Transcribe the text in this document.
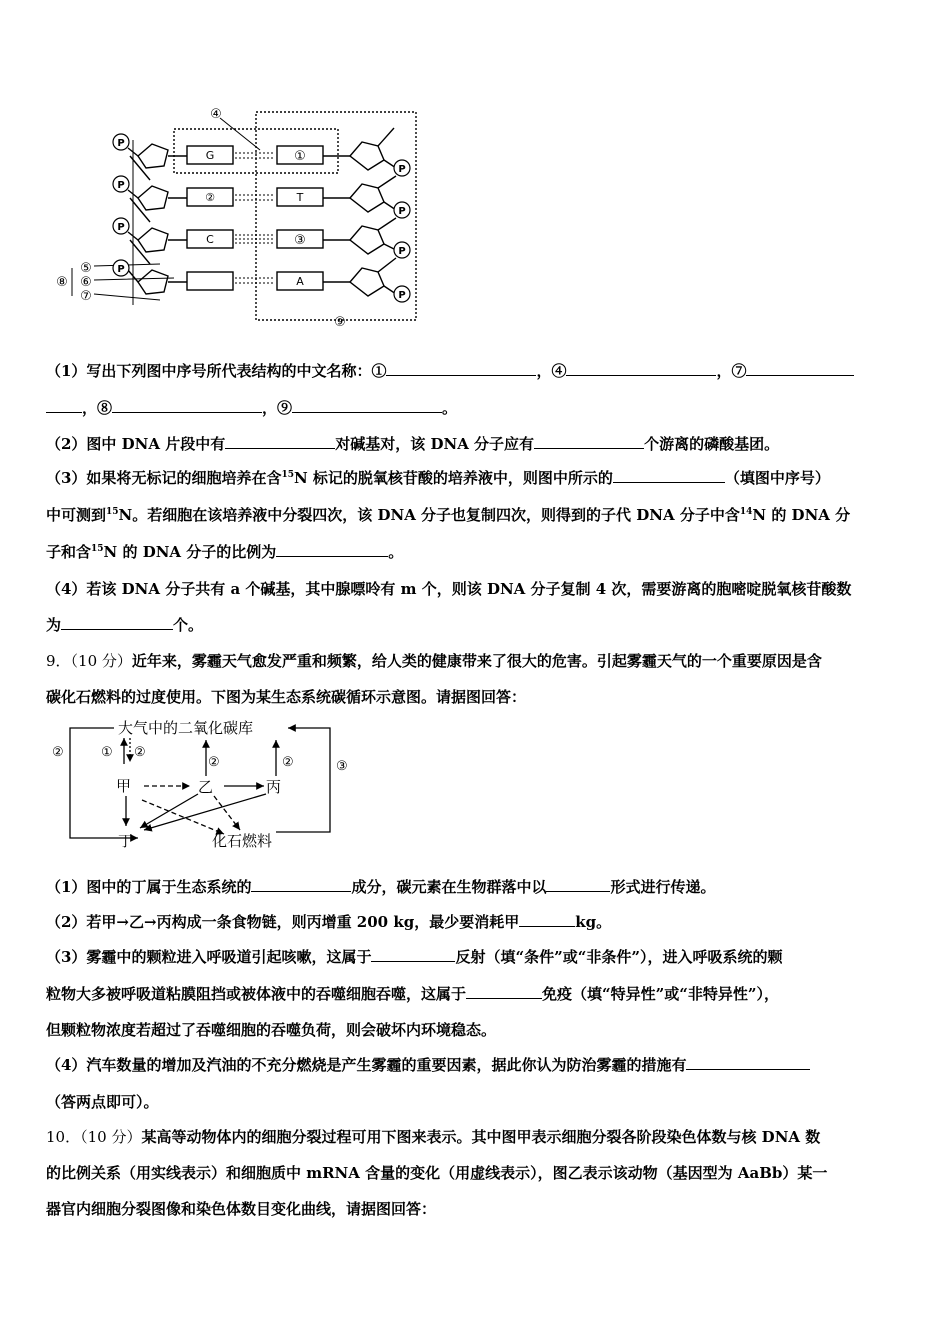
P
P
P
P
P
P
P
P
G
②
C
①
T
③
A
④
⑤
⑥
⑦
⑧
⑨
（1）写出下列图中序号所代表结构的中文名称：①	，④	，⑦
，⑧	，⑨	。
（2）图中 DNA 片段中有	对碱基对，该 DNA 分子应有	个游离的磷酸基团。
（3）如果将无标记的细胞培养在含$^{15}$N 标记的脱氧核苷酸的培养液中，则图中所示的	（填图中序号）
中可测到$^{15}$N。若细胞在该培养液中分裂四次，该 DNA 分子也复制四次，则得到的子代 DNA 分子中含$^{14}$N 的 DNA 分
子和含$^{15}$N 的 DNA 分子的比例为	。
（4）若该 DNA 分子共有 a 个碱基，其中腺嘌呤有 m 个，则该 DNA 分子复制 4 次，需要游离的胞嘧啶脱氧核苷酸数
为	个。
9．（10 分）近年来，雾霾天气愈发严重和频繁，给人类的健康带来了很大的危害。引起雾霾天气的一个重要原因是含
碳化石燃料的过度使用。下图为某生态系统碳循环示意图。请据图回答：
大气中的二氧化碳库
甲	乙	丙
丁	化石燃料
②	① ②
②	②	③
（1）图中的丁属于生态系统的	成分，碳元素在生物群落中以	形式进行传递。
（2）若甲→乙→丙构成一条食物链，则丙增重 200 kg，最少要消耗甲	kg。
（3）雾霾中的颗粒进入呼吸道引起咳嗽，这属于	反射（填“条件”或“非条件”），进入呼吸系统的颗
粒物大多被呼吸道粘膜阻挡或被体液中的吞噬细胞吞噬，这属于	免疫（填“特异性”或“非特异性”），
但颗粒物浓度若超过了吞噬细胞的吞噬负荷，则会破坏内环境稳态。
（4）汽车数量的增加及汽油的不充分燃烧是产生雾霾的重要因素，据此你认为防治雾霾的措施有
（答两点即可）。
10．（10 分）某高等动物体内的细胞分裂过程可用下图来表示。其中图甲表示细胞分裂各阶段染色体数与核 DNA 数
的比例关系（用实线表示）和细胞质中 mRNA 含量的变化（用虚线表示），图乙表示该动物（基因型为 AaBb）某一
器官内细胞分裂图像和染色体数目变化曲线，请据图回答：
